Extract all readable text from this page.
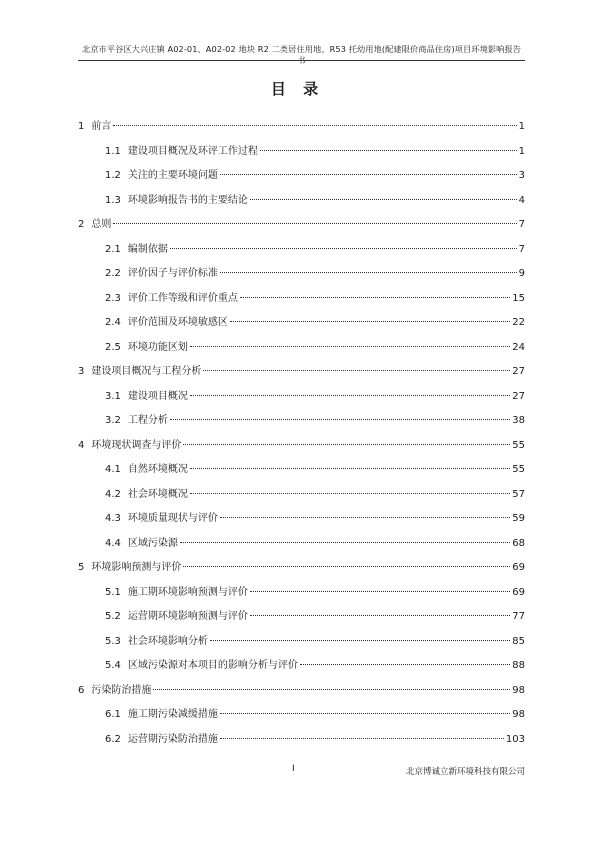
北京市平谷区大兴庄镇 A02-01、A02-02 地块 R2 二类居住用地、R53 托幼用地(配建限价商品住房)项目环境影响报告书
目 录
1 前言	1
1.1 建设项目概况及环评工作过程	1
1.2 关注的主要环境问题	3
1.3 环境影响报告书的主要结论	4
2 总则	7
2.1 编制依据	7
2.2 评价因子与评价标准	9
2.3 评价工作等级和评价重点	15
2.4 评价范围及环境敏感区	22
2.5 环境功能区划	24
3 建设项目概况与工程分析	27
3.1 建设项目概况	27
3.2 工程分析	38
4 环境现状调查与评价	55
4.1 自然环境概况	55
4.2 社会环境概况	57
4.3 环境质量现状与评价	59
4.4 区域污染源	68
5 环境影响预测与评价	69
5.1 施工期环境影响预测与评价	69
5.2 运营期环境影响预测与评价	77
5.3 社会环境影响分析	85
5.4 区域污染源对本项目的影响分析与评价	88
6 污染防治措施	98
6.1 施工期污染减缓措施	98
6.2 运营期污染防治措施	103
I	北京博诚立新环境科技有限公司
